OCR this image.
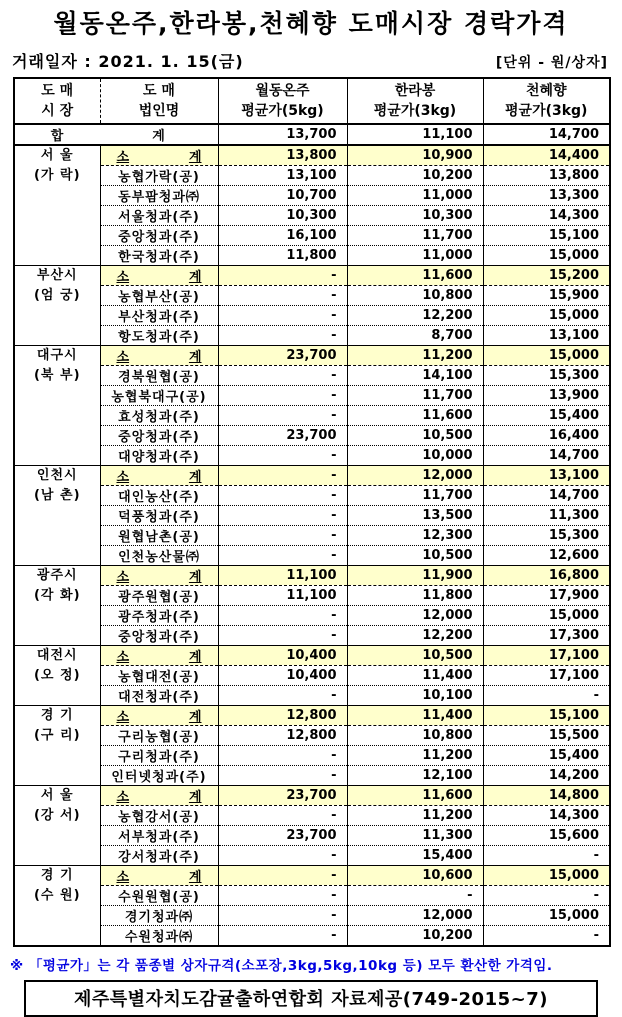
월동온주,한라봉,천혜향 도매시장 경락가격
거래일자 : 2021. 1. 15(금)	[단위 - 원/상자]
도 매
시 장

도 매
법인명

월동온주
평균가(5kg)

한라봉
평균가(3kg)

천혜향
평균가(3kg)

합 계		13,700	11,100	14,700

서 울
(가 락)

소	계	13,800	10,900	14,400
	농협가락(공)	13,100	10,200	13,800
	동부팜청과㈜	10,700	11,000	13,300
	서울청과(주)	10,300	10,300	14,300
	중앙청과(주)	16,100	11,700	15,100
	한국청과(주)	11,800	11,000	15,000

부산시
(엄 궁)

소	계	-	11,600	15,200
	농협부산(공)	-	10,800	15,900
	부산청과(주)	-	12,200	15,000
	항도청과(주)	-	8,700	13,100

대구시
(북 부)

소	계	23,700	11,200	15,000
	경북원협(공)	-	14,100	15,300
	농협북대구(공)	-	11,700	13,900
	효성청과(주)	-	11,600	15,400
	중앙청과(주)	23,700	10,500	16,400
	대양청과(주)	-	10,000	14,700

인천시
(남 촌)

소	계	-	12,000	13,100
	대인농산(주)	-	11,700	14,700
	덕풍청과(주)	-	13,500	11,300
	원협남촌(공)	-	12,300	15,300
	인천농산물㈜	-	10,500	12,600

광주시
(각 화)

소	계	11,100	11,900	16,800
	광주원협(공)	11,100	11,800	17,900
	광주청과(주)	-	12,000	15,000
	중앙청과(주)	-	12,200	17,300

대전시
(오 정)

소	계	10,400	10,500	17,100
	농협대전(공)	10,400	11,400	17,100
	대전청과(주)	-	10,100	-

경 기
(구 리)

소	계	12,800	11,400	15,100
	구리농협(공)	12,800	10,800	15,500
	구리청과(주)	-	11,200	15,400
	인터넷청과(주)	-	12,100	14,200

서 울
(강 서)

소	계	23,700	11,600	14,800
	농협강서(공)	-	11,200	14,300
	서부청과(주)	23,700	11,300	15,600
	강서청과(주)	-	15,400	-

경 기
(수 원)

소	계	-	10,600	15,000
	수원원협(공)	-	-	-
	경기청과㈜	-	12,000	15,000
	수원청과㈜	-	10,200	-
※ 「평균가」는 각 품종별 상자규격(소포장,3kg,5kg,10kg 등) 모두 환산한 가격임.
제주특별자치도감귤출하연합회 자료제공(749-2015~7)
